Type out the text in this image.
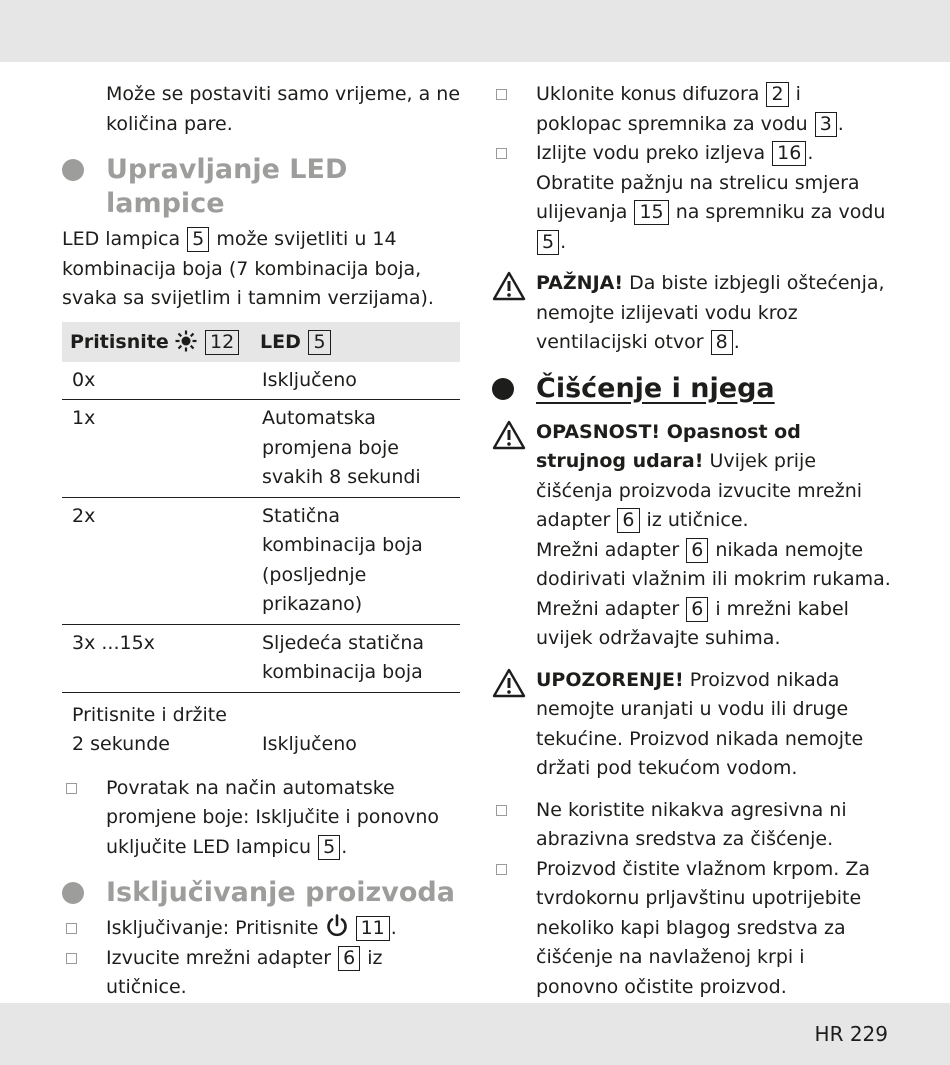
Može se postaviti samo vrijeme, a ne količina pare.
Upravljanje LED lampice
LED lampica 5 može svijetliti u 14 kombinacija boja (7 kombinacija boja, svaka sa svijetlim i tamnim verzijama).
Pritisnite 12	LED 5
0x	Isključeno
1x	Automatska promjena boje svakih 8 sekundi
2x	Statična kombinacija boja (posljednje prikazano)
3x ...15x	Sljedeća statična kombinacija boja

Pritisnite i držite
2 sekunde	Isključeno
Povratak na način automatske promjene boje: Isključite i ponovno uključite LED lampicu 5 .
Isključivanje proizvoda
Isključivanje: Pritisnite 11 .
Izvucite mrežni adapter 6 iz utičnice.

Uklonite konus difuzora 2 i poklopac spremnika za vodu 3 .
Izlijte vodu preko izljeva 16 . Obratite pažnju na strelicu smjera ulijevanja 15 na spremniku za vodu 5 .
PAŽNJA! Da biste izbjegli oštećenja, nemojte izlijevati vodu kroz ventilacijski otvor 8 .
Čišćenje i njega
OPASNOST! Opasnost od strujnog udara! Uvijek prije čišćenja proizvoda izvucite mrežni adapter 6 iz utičnice.
Mrežni adapter 6 nikada nemojte dodirivati vlažnim ili mokrim rukama.
Mrežni adapter 6 i mrežni kabel uvijek održavajte suhima.
UPOZORENJE! Proizvod nikada nemojte uranjati u vodu ili druge tekućine. Proizvod nikada nemojte držati pod tekućom vodom.
Ne koristite nikakva agresivna ni abrazivna sredstva za čišćenje.
Proizvod čistite vlažnom krpom. Za tvrdokornu prljavštinu upotrijebite nekoliko kapi blagog sredstva za čišćenje na navlaženoj krpi i ponovno očistite proizvod.
HR 229
